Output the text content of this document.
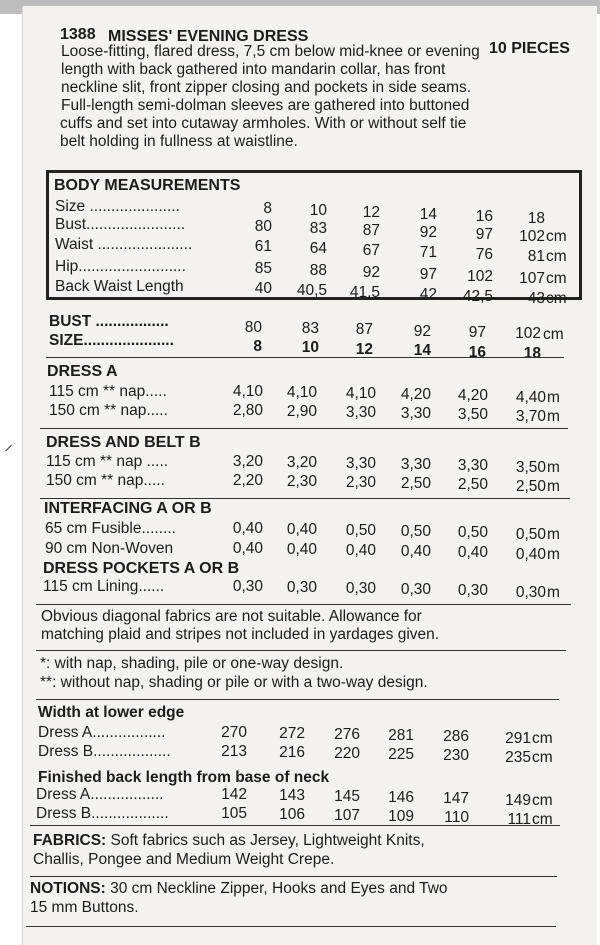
⸝
1388 MISSES' EVENING DRESS
10 PIECES
Loose-fitting, flared dress, 7,5 cm below mid-knee or evening
length with back gathered into mandarin collar, has front
neckline slit, front zipper closing and pockets in side seams.
Full-length semi-dolman sleeves are gathered into buttoned
cuffs and set into cutaway armholes. With or without self tie
belt holding in fullness at waistline.
BODY MEASUREMENTS
Size .....................	8	10	12	14	16	18
Bust.......................	80	83	87	92	97	102 cm
Waist ......................	61	64	67	71	76	81 cm
Hip.........................	85	88	92	97	102	107 cm
Back Waist Length	40	40,5	41,5	42	42,5	43 cm
BUST .................	80	83	87	92	97	102 cm
SIZE.....................	8	10	12	14	16	18
DRESS A
115 cm ** nap.....	4,10	4,10	4,10	4,20	4,20	4,40 m
150 cm ** nap.....	2,80	2,90	3,30	3,30	3,50	3,70 m
DRESS AND BELT B
115 cm ** nap .....	3,20	3,20	3,30	3,30	3,30	3,50 m
150 cm ** nap.....	2,20	2,30	2,30	2,50	2,50	2,50 m
INTERFACING A OR B
65 cm Fusible........	0,40	0,40	0,50	0,50	0,50	0,50 m
90 cm Non-Woven	0,40	0,40	0,40	0,40	0,40	0,40 m
DRESS POCKETS A OR B
115 cm Lining......	0,30	0,30	0,30	0,30	0,30	0,30 m
Obvious diagonal fabrics are not suitable. Allowance for
matching plaid and stripes not included in yardages given.
*: with nap, shading, pile or one-way design.
**: without nap, shading or pile or with a two-way design.
Width at lower edge
Dress A.................	270	272	276	281	286	291 cm
Dress B..................	213	216	220	225	230	235 cm
Finished back length from base of neck
Dress A.................	142	143	145	146	147	149 cm
Dress B..................	105	106	107	109	110	111 cm
FABRICS: Soft fabrics such as Jersey, Lightweight Knits,
Challis, Pongee and Medium Weight Crepe.
NOTIONS: 30 cm Neckline Zipper, Hooks and Eyes and Two
15 mm Buttons.
